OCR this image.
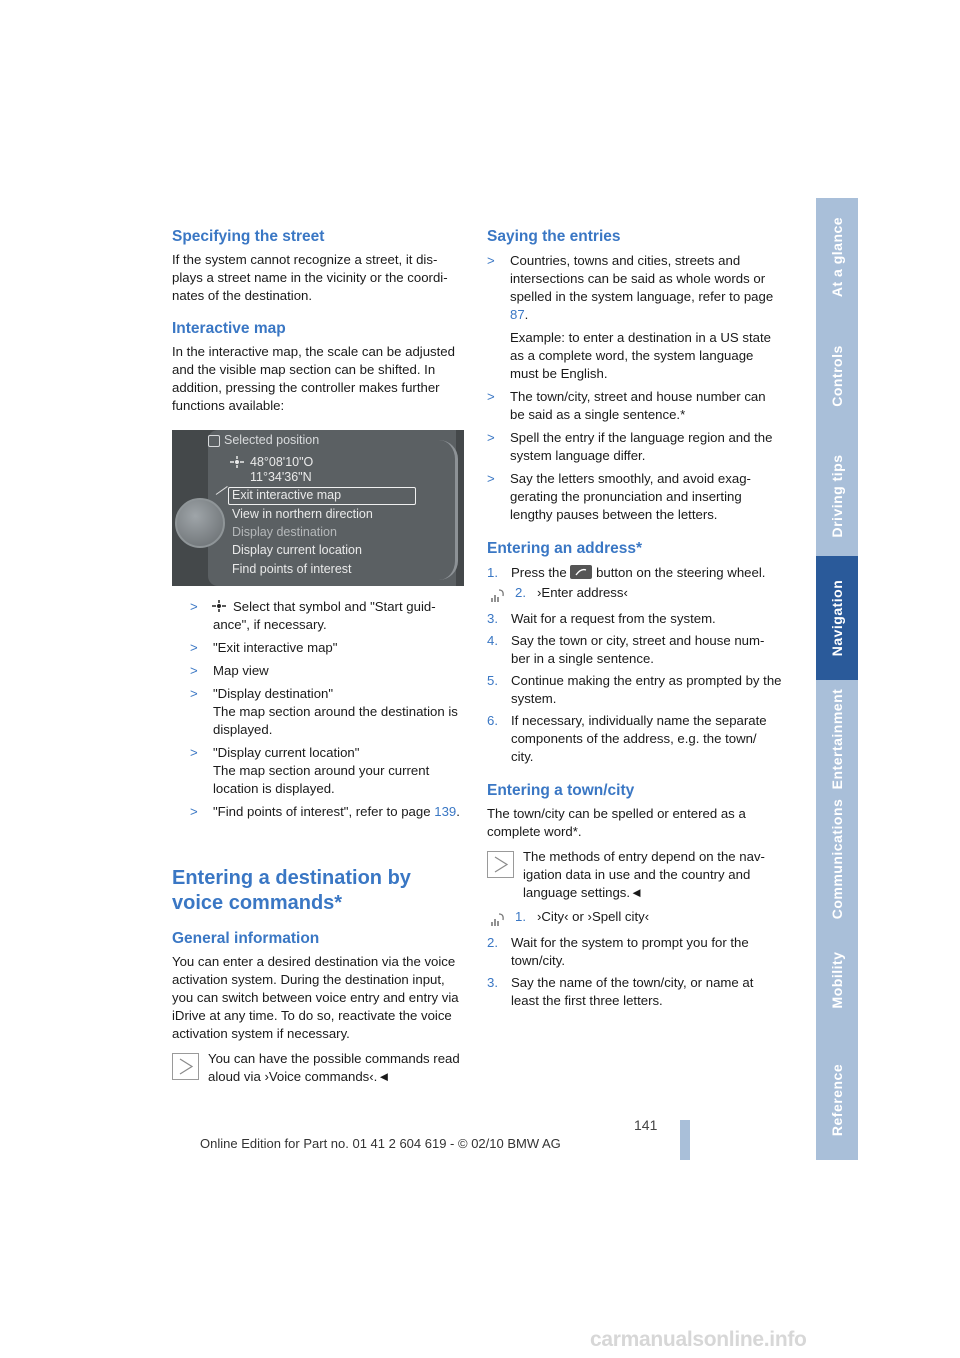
At a glance
Controls
Driving tips
Navigation
Entertainment
Communications
Mobility
Reference
Specifying the street
If the system cannot recognize a street, it dis-plays a street name in the vicinity or the coordi-nates of the destination.
Interactive map
In the interactive map, the scale can be adjusted and the visible map section can be shifted. In addition, pressing the controller makes further functions available:
Selected position
48°08'10"O
11°34'36"N
Exit interactive map
View in northern direction
Display destination
Display current location
Find points of interest
>	Select that symbol and "Start guid-ance", if necessary.
> "Exit interactive map"
> Map view
> "Display destination"
The map section around the destination is displayed.
> "Display current location"
The map section around your current location is displayed.
> "Find points of interest", refer to page 139.
Entering a destination by
voice commands*
General information
You can enter a desired destination via the voice activation system. During the destination input, you can switch between voice entry and entry via iDrive at any time. To do so, reactivate the voice activation system if necessary.
You can have the possible commands read aloud via ›Voice commands‹.◄
Saying the entries
> Countries, towns and cities, streets and intersections can be said as whole words or spelled in the system language, refer to page 87.
Example: to enter a destination in a US state as a complete word, the system language must be English.
> The town/city, street and house number can be said as a single sentence.*
> Spell the entry if the language region and the system language differ.
> Say the letters smoothly, and avoid exag-gerating the pronunciation and inserting lengthy pauses between the letters.
Entering an address*
1. Press the button on the steering wheel.
2. ›Enter address‹
3. Wait for a request from the system.
4. Say the town or city, street and house num-ber in a single sentence.
5. Continue making the entry as prompted by the system.
6. If necessary, individually name the separate components of the address, e.g. the town/ city.
Entering a town/city
The town/city can be spelled or entered as a complete word*.
The methods of entry depend on the nav-igation data in use and the country and language settings.◄
1. ›City‹ or ›Spell city‹
2. Wait for the system to prompt you for the town/city.
3. Say the name of the town/city, or name at least the first three letters.
141
Online Edition for Part no. 01 41 2 604 619 - © 02/10 BMW AG
carmanualsonline.info
